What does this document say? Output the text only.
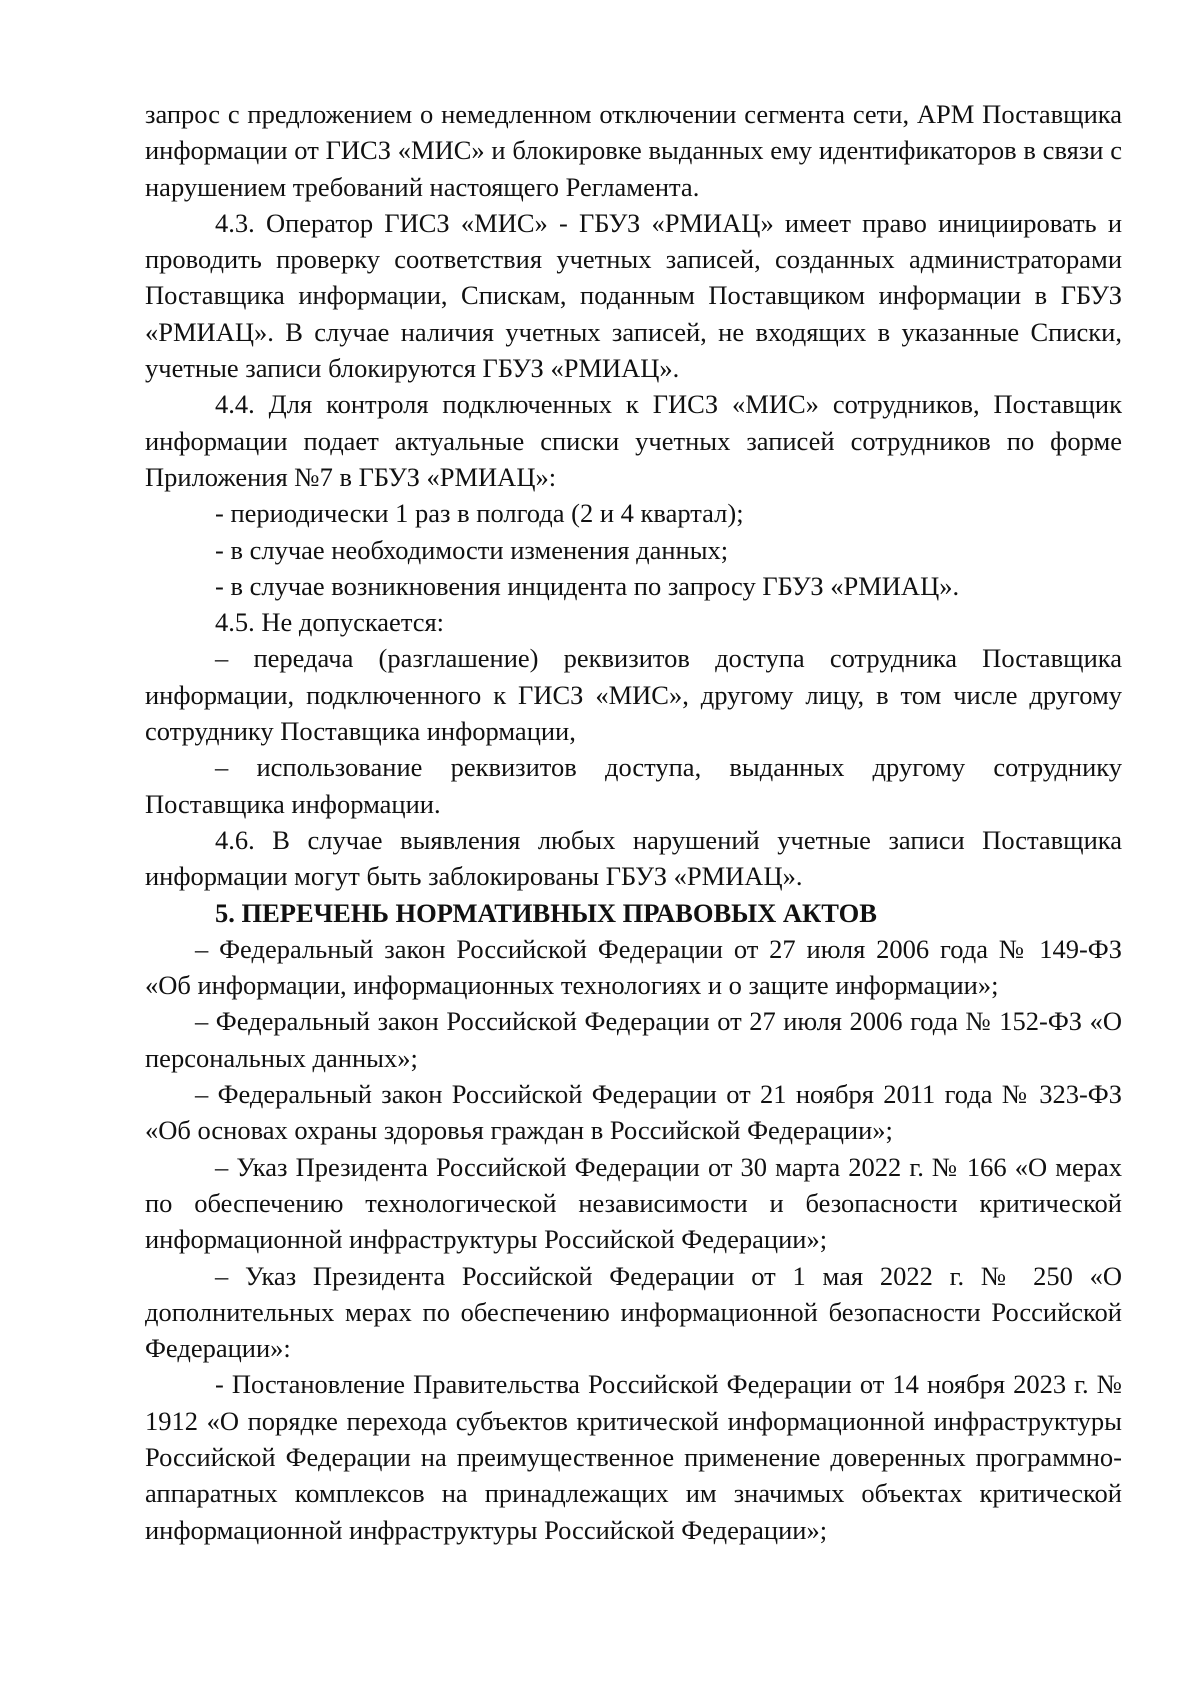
запрос с предложением о немедленном отключении сегмента сети, АРМ Поставщика информации от ГИСЗ «МИС» и блокировке выданных ему идентификаторов в связи с нарушением требований настоящего Регламента.

4.3. Оператор ГИСЗ «МИС» - ГБУЗ «РМИАЦ» имеет право инициировать и проводить проверку соответствия учетных записей, созданных администраторами Поставщика информации, Спискам, поданным Поставщиком информации в ГБУЗ «РМИАЦ». В случае наличия учетных записей, не входящих в указанные Списки, учетные записи блокируются ГБУЗ «РМИАЦ».

4.4. Для контроля подключенных к ГИСЗ «МИС» сотрудников, Поставщик информации подает актуальные списки учетных записей сотрудников по форме Приложения №7 в ГБУЗ «РМИАЦ»:

- периодически 1 раз в полгода (2 и 4 квартал);

- в случае необходимости изменения данных;

- в случае возникновения инцидента по запросу ГБУЗ «РМИАЦ».

4.5. Не допускается:

– передача (разглашение) реквизитов доступа сотрудника Поставщика информации, подключенного к ГИСЗ «МИС», другому лицу, в том числе другому сотруднику Поставщика информации,

– использование реквизитов доступа, выданных другому сотруднику Поставщика информации.

4.6. В случае выявления любых нарушений учетные записи Поставщика информации могут быть заблокированы ГБУЗ «РМИАЦ».

5. ПЕРЕЧЕНЬ НОРМАТИВНЫХ ПРАВОВЫХ АКТОВ

– Федеральный закон Российской Федерации от 27 июля 2006 года № 149-ФЗ «Об информации, информационных технологиях и о защите информации»;

– Федеральный закон Российской Федерации от 27 июля 2006 года № 152-ФЗ «О персональных данных»;

– Федеральный закон Российской Федерации от 21 ноября 2011 года № 323-ФЗ «Об основах охраны здоровья граждан в Российской Федерации»;

– Указ Президента Российской Федерации от 30 марта 2022 г. № 166 «О мерах по обеспечению технологической независимости и безопасности критической информационной инфраструктуры Российской Федерации»;

– Указ Президента Российской Федерации от 1 мая 2022 г. № 250 «О дополнительных мерах по обеспечению информационной безопасности Российской Федерации»:

- Постановление Правительства Российской Федерации от 14 ноября 2023 г. № 1912 «О порядке перехода субъектов критической информационной инфраструктуры Российской Федерации на преимущественное применение доверенных программно-аппаратных комплексов на принадлежащих им значимых объектах критической информационной инфраструктуры Российской Федерации»;
